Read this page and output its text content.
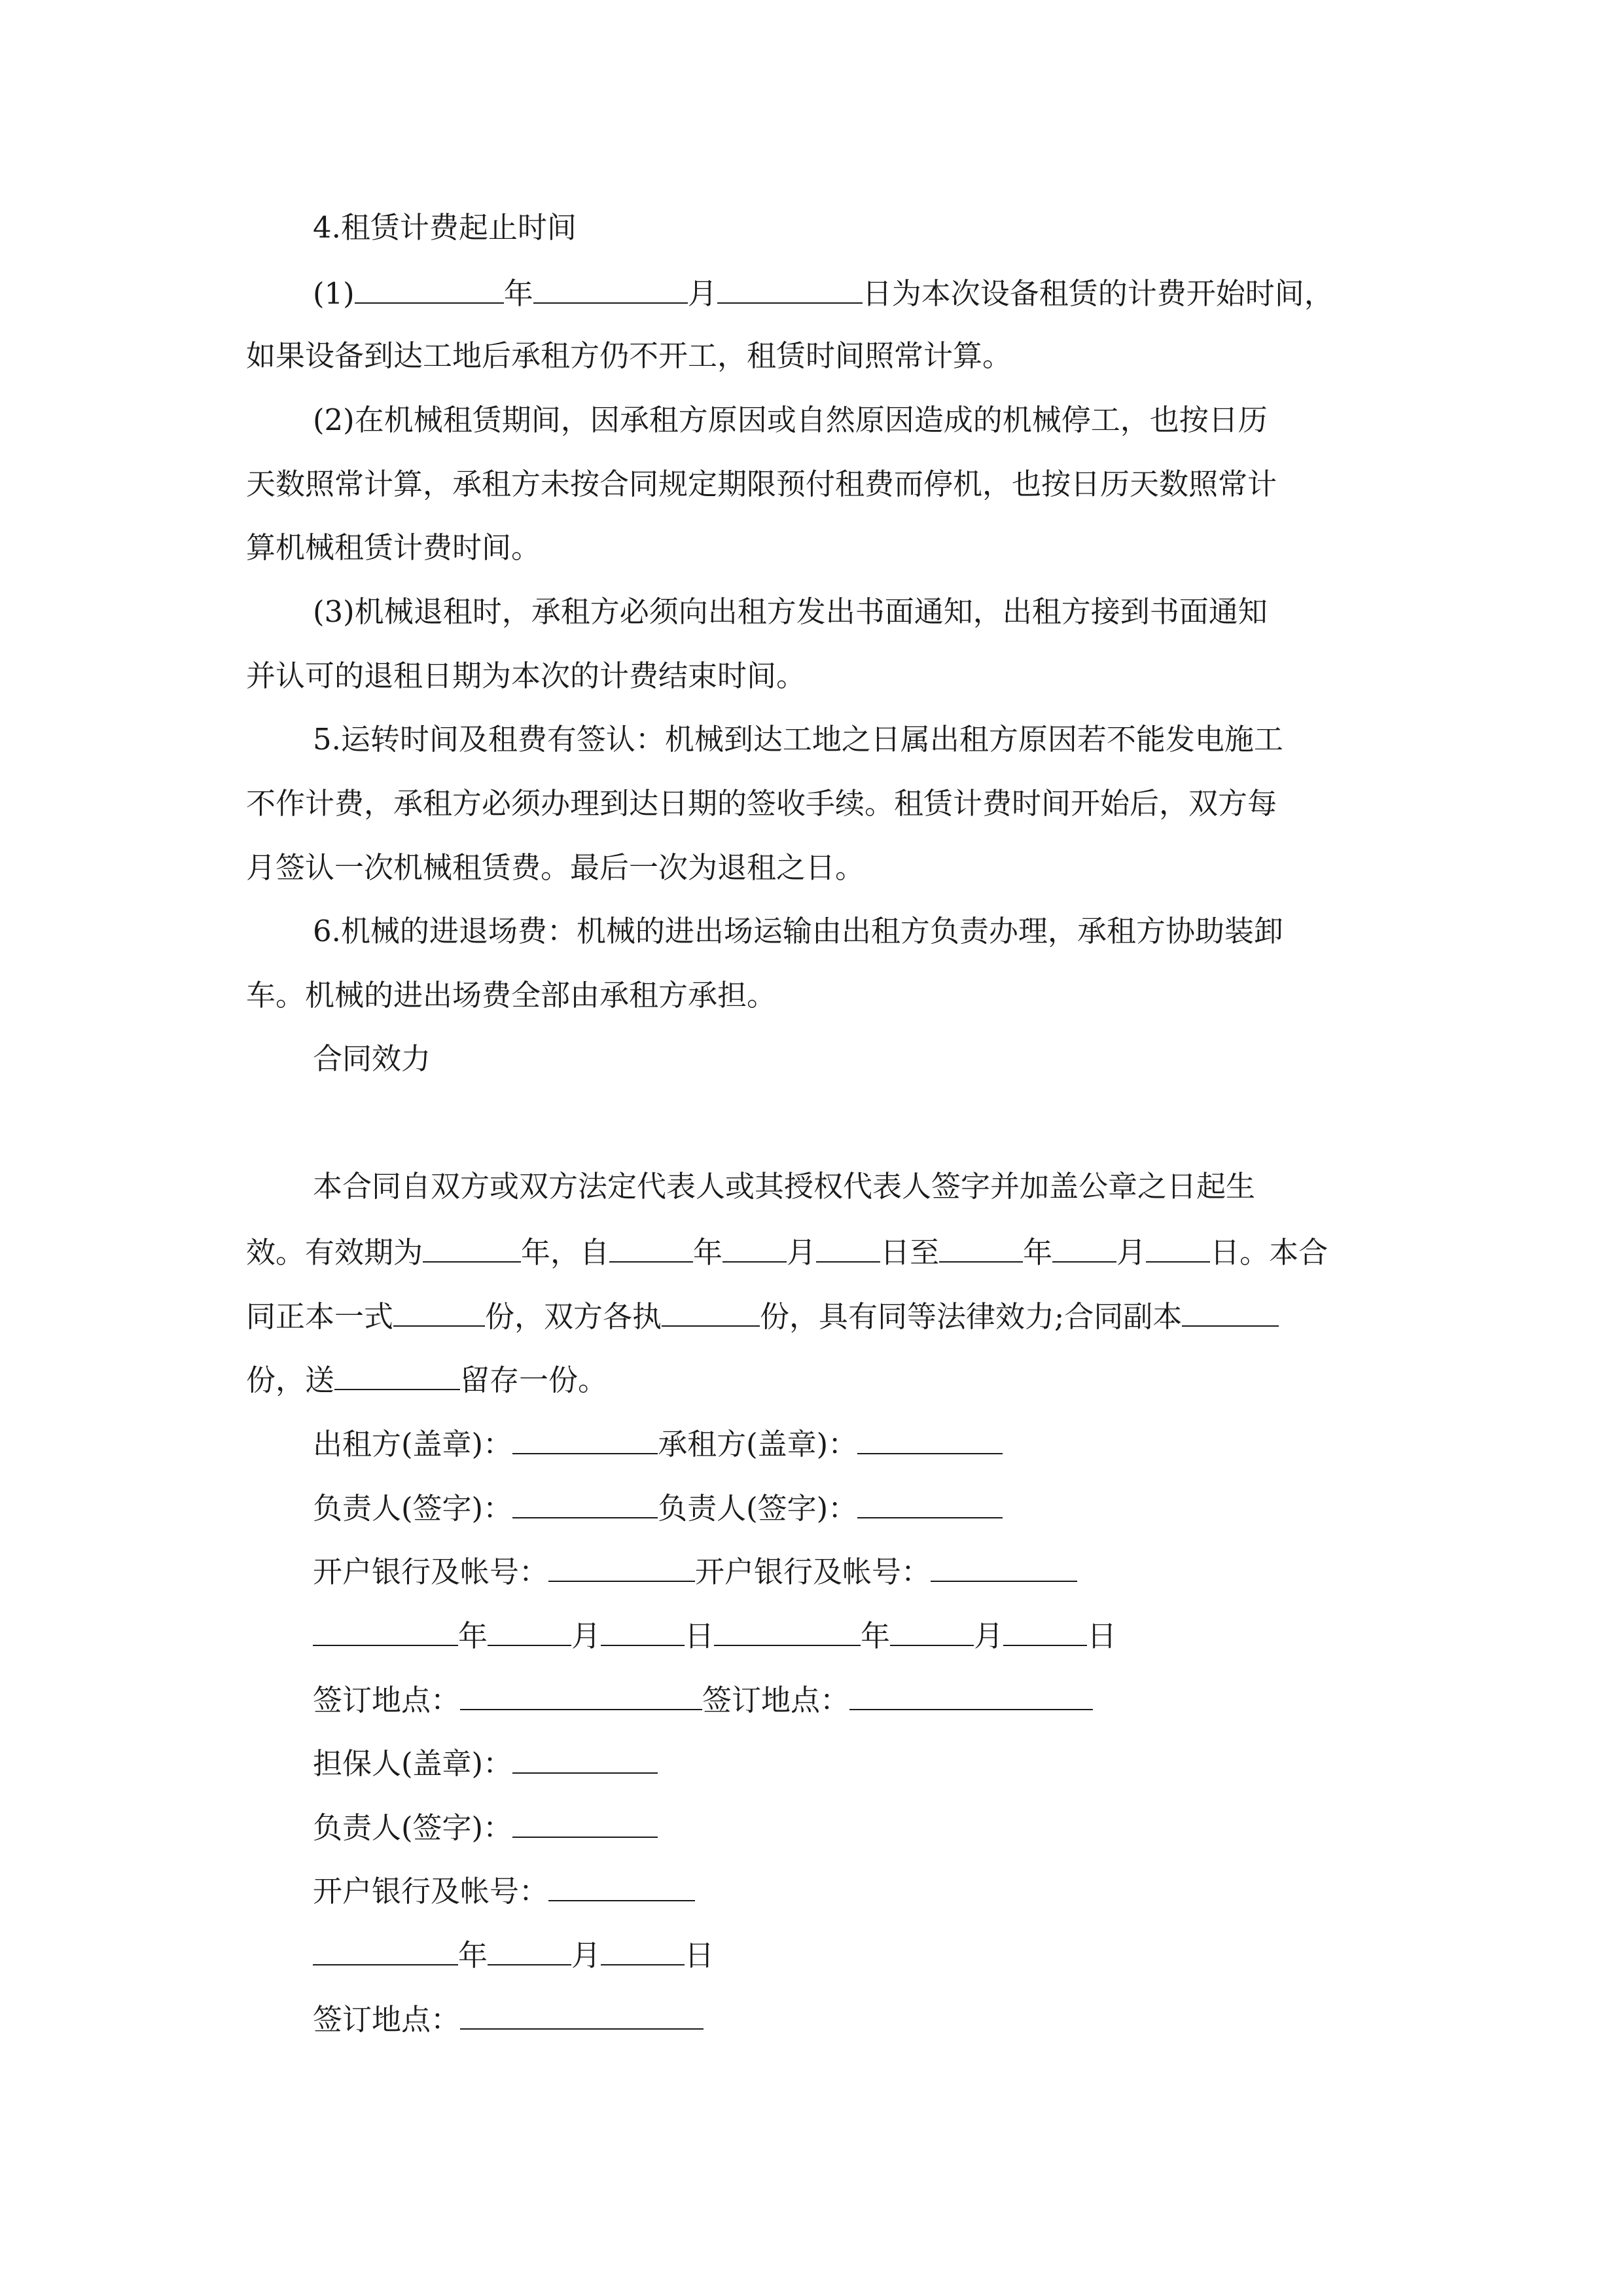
4.租赁计费起止时间
(1)	年	月	日为本次设备租赁的计费开始时间，
如果设备到达工地后承租方仍不开工，租赁时间照常计算。
(2)在机械租赁期间，因承租方原因或自然原因造成的机械停工，也按日历
天数照常计算，承租方未按合同规定期限预付租费而停机，也按日历天数照常计
算机械租赁计费时间。
(3)机械退租时，承租方必须向出租方发出书面通知，出租方接到书面通知
并认可的退租日期为本次的计费结束时间。
5.运转时间及租费有签认：机械到达工地之日属出租方原因若不能发电施工
不作计费，承租方必须办理到达日期的签收手续。租赁计费时间开始后，双方每
月签认一次机械租赁费。最后一次为退租之日。
6.机械的进退场费：机械的进出场运输由出租方负责办理，承租方协助装卸
车。机械的进出场费全部由承租方承担。
合同效力
本合同自双方或双方法定代表人或其授权代表人签字并加盖公章之日起生
效。有效期为	年，自	年 月 日至	年 月 日。本合
同正本一式	份，双方各执	份，具有同等法律效力;合同副本
份，送	留存一份。
出租方(盖章)：	承租方(盖章)：
负责人(签字)：	负责人(签字)：
开户银行及帐号：	开户银行及帐号：
年	月	日	年	月	日
签订地点：	签订地点：
担保人(盖章)：
负责人(签字)：
开户银行及帐号：
年	月	日
签订地点：
